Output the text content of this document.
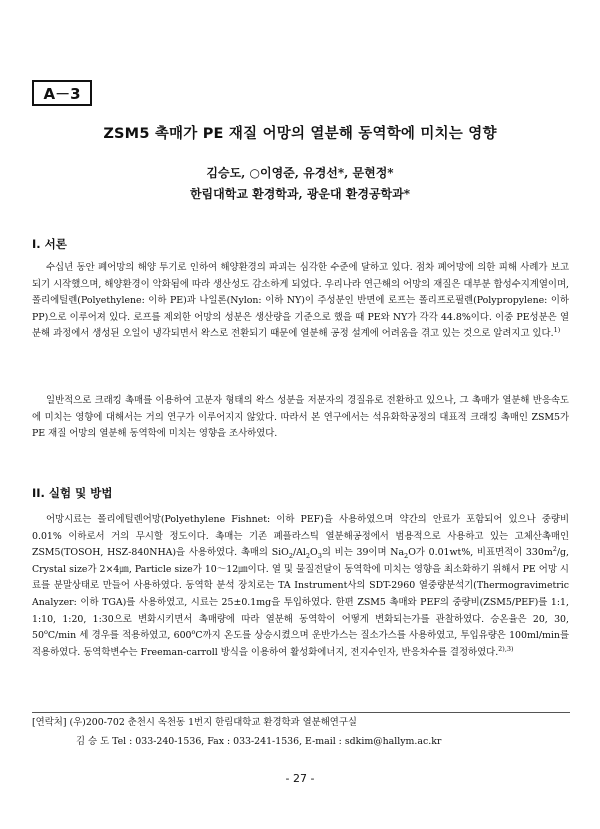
A－3
ZSM5 촉매가 PE 재질 어망의 열분해 동역학에 미치는 영향
김승도, ○이영준, 유경선*, 문현정*
한림대학교 환경학과, 광운대 환경공학과*
I. 서론

수십년 동안 폐어망의 해양 투기로 인하여 해양환경의 파괴는 심각한 수준에 달하고 있다. 점차 폐어망에 의한 피해 사례가 보고되기 시작했으며, 해양환경이 악화됨에 따라 생산성도 감소하게 되었다. 우리나라 연근해의 어망의 재질은 대부분 합성수지계열이며, 폴리에틸렌(Polyethylene: 이하 PE)과 나일론(Nylon: 이하 NY)이 주성분인 반면에 로프는 폴리프로필렌(Polypropylene: 이하 PP)으로 이루어져 있다. 로프를 제외한 어망의 성분은 생산량을 기준으로 했을 때 PE와 NY가 각각 44.8%이다. 이중 PE성분은 열분해 과정에서 생성된 오일이 냉각되면서 왁스로 전환되기 때문에 열분해 공정 설계에 어려움을 겪고 있는 것으로 알려지고 있다.$^{1)}$

일반적으로 크래킹 촉매를 이용하여 고분자 형태의 왁스 성분을 저분자의 경질유로 전환하고 있으나, 그 촉매가 열분해 반응속도에 미치는 영향에 대해서는 거의 연구가 이루어지지 않았다. 따라서 본 연구에서는 석유화학공정의 대표적 크래킹 촉매인 ZSM5가 PE 재질 어망의 열분해 동역학에 미치는 영향을 조사하였다.

II. 실험 및 방법

어망시료는 폴리에틸렌어망(Polyethylene Fishnet: 이하 PEF)을 사용하였으며 약간의 안료가 포함되어 있으나 중량비 0.01% 이하로서 거의 무시할 정도이다. 촉매는 기존 폐플라스틱 열분해공정에서 범용적으로 사용하고 있는 고체산촉매인 ZSM5(TOSOH, HSZ-840NHA)을 사용하였다. 촉매의 $SiO_2/Al_2O_3$의 비는 39이며 $Na_2O$가 0.01wt%, 비표면적이 $330m^2/g$, Crystal size가 2×4㎛, Particle size가 10～12㎛이다. 열 및 물질전달이 동역학에 미치는 영향을 최소화하기 위해서 PE 어망 시료를 분말상태로 만들어 사용하였다. 동역학 분석 장치로는 TA Instrument사의 SDT-2960 열중량분석기(Thermogravimetric Analyzer: 이하 TGA)를 사용하였고, 시료는 25±0.1mg을 투입하였다. 한편 ZSM5 촉매와 PEF의 중량비(ZSM5/PEF)를 1:1, 1:10, 1:20, 1:30으로 변화시키면서 촉매량에 따라 열분해 동역학이 어떻게 변화되는가를 관찰하였다. 승온율은 20, 30, 50$^o$C/min 세 경우를 적용하였고, 600$^o$C까지 온도를 상승시켰으며 운반가스는 질소가스를 사용하였고, 투입유량은 100ml/min를 적용하였다. 동역학변수는 Freeman-carroll 방식을 이용하여 활성화에너지, 전지수인자, 반응차수를 결정하였다.$^{2),3)}$

[연락처] (우)200-702 춘천시 옥천동 1번지 한림대학교 환경학과 열분해연구실
김 승 도 Tel : 033-240-1536, Fax : 033-241-1536, E-mail : sdkim@hallym.ac.kr
- 27 -
